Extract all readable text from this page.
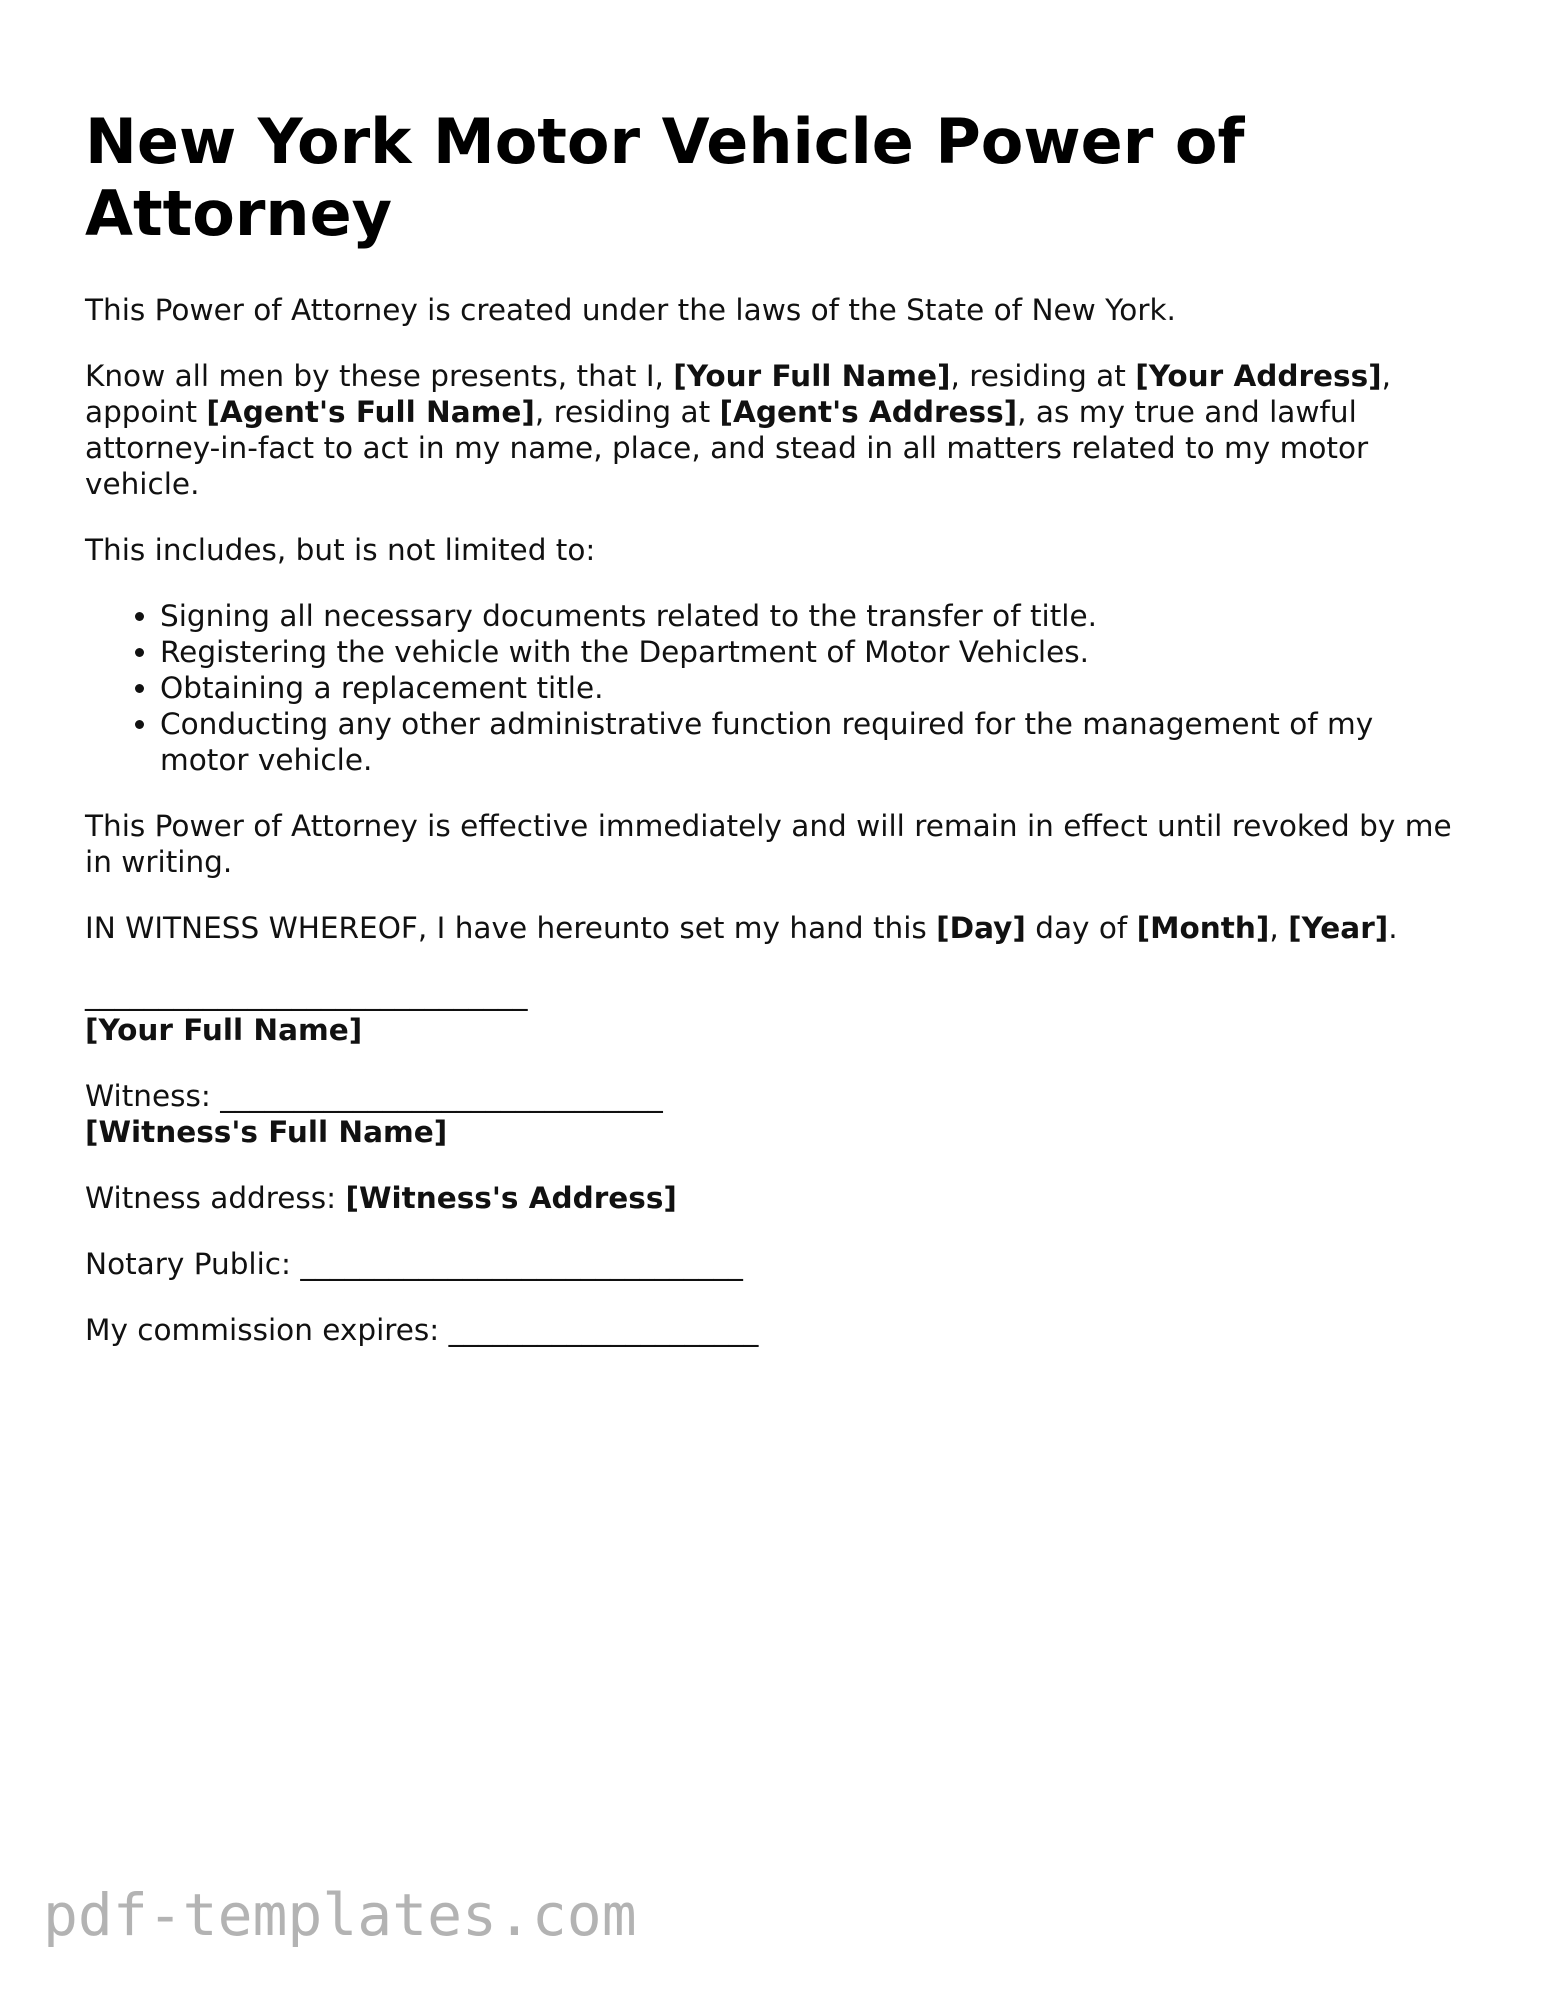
New York Motor Vehicle Power of Attorney

This Power of Attorney is created under the laws of the State of New York.

Know all men by these presents, that I, [Your Full Name], residing at [Your Address], appoint [Agent's Full Name], residing at [Agent's Address], as my true and lawful attorney-in-fact to act in my name, place, and stead in all matters related to my motor vehicle.

This includes, but is not limited to:

• Signing all necessary documents related to the transfer of title.
• Registering the vehicle with the Department of Motor Vehicles.
• Obtaining a replacement title.
• Conducting any other administrative function required for the management of my motor vehicle.

This Power of Attorney is effective immediately and will remain in effect until revoked by me in writing.

IN WITNESS WHEREOF, I have hereunto set my hand this [Day] day of [Month], [Year].

______________________________
[Your Full Name]
Witness: ______________________________
[Witness's Full Name]

Witness address: [Witness's Address]

Notary Public: ______________________________

My commission expires: _____________________

pdf-templates.com
